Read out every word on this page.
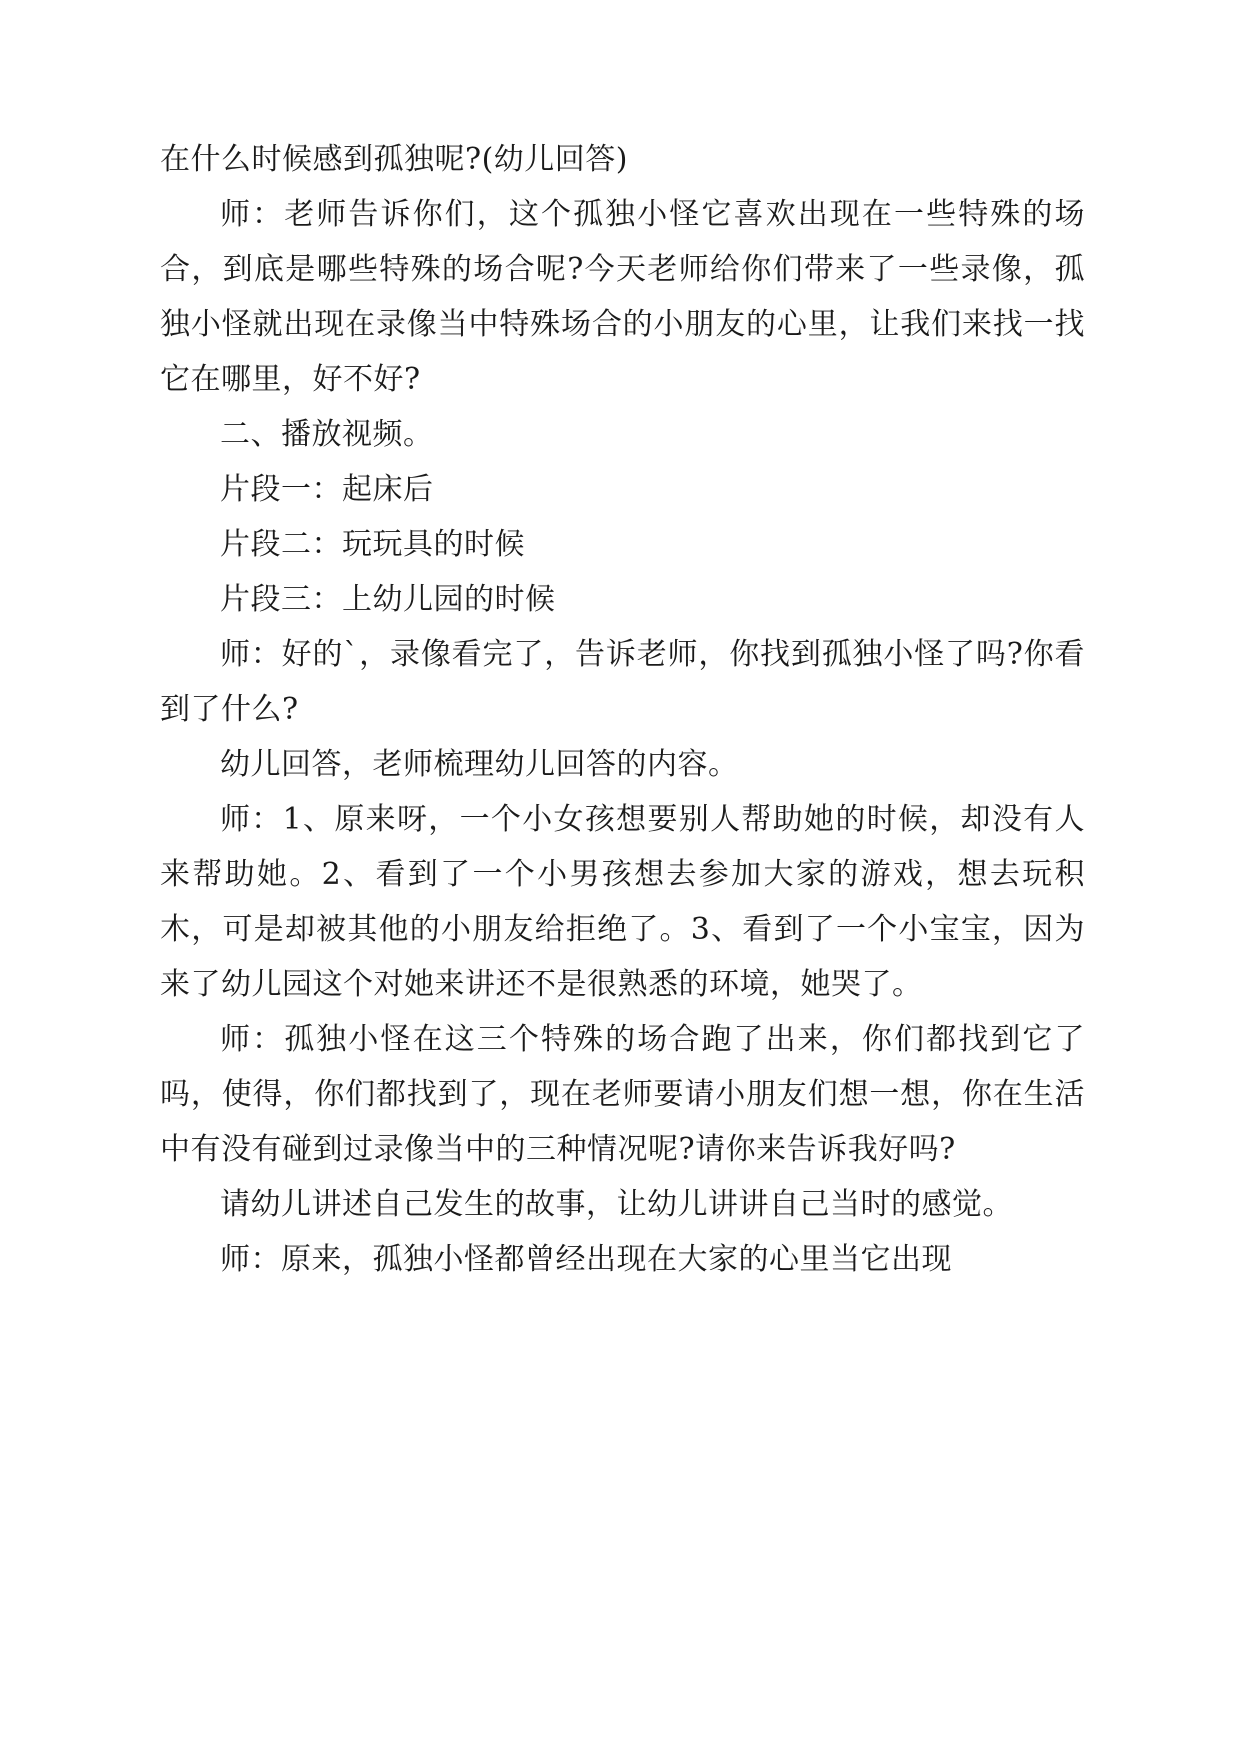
在什么时候感到孤独呢?(幼儿回答)

师：老师告诉你们，这个孤独小怪它喜欢出现在一些特殊的场合，到底是哪些特殊的场合呢?今天老师给你们带来了一些录像，孤独小怪就出现在录像当中特殊场合的小朋友的心里，让我们来找一找它在哪里，好不好?

二、播放视频。

片段一：起床后

片段二：玩玩具的时候

片段三：上幼儿园的时候

师：好的`，录像看完了，告诉老师，你找到孤独小怪了吗?你看到了什么?

幼儿回答，老师梳理幼儿回答的内容。

师：1、原来呀，一个小女孩想要别人帮助她的时候，却没有人来帮助她。2、看到了一个小男孩想去参加大家的游戏，想去玩积木，可是却被其他的小朋友给拒绝了。3、看到了一个小宝宝，因为来了幼儿园这个对她来讲还不是很熟悉的环境，她哭了。

师：孤独小怪在这三个特殊的场合跑了出来，你们都找到它了吗，使得，你们都找到了，现在老师要请小朋友们想一想，你在生活中有没有碰到过录像当中的三种情况呢?请你来告诉我好吗?

请幼儿讲述自己发生的故事，让幼儿讲讲自己当时的感觉。

师：原来，孤独小怪都曾经出现在大家的心里当它出现
